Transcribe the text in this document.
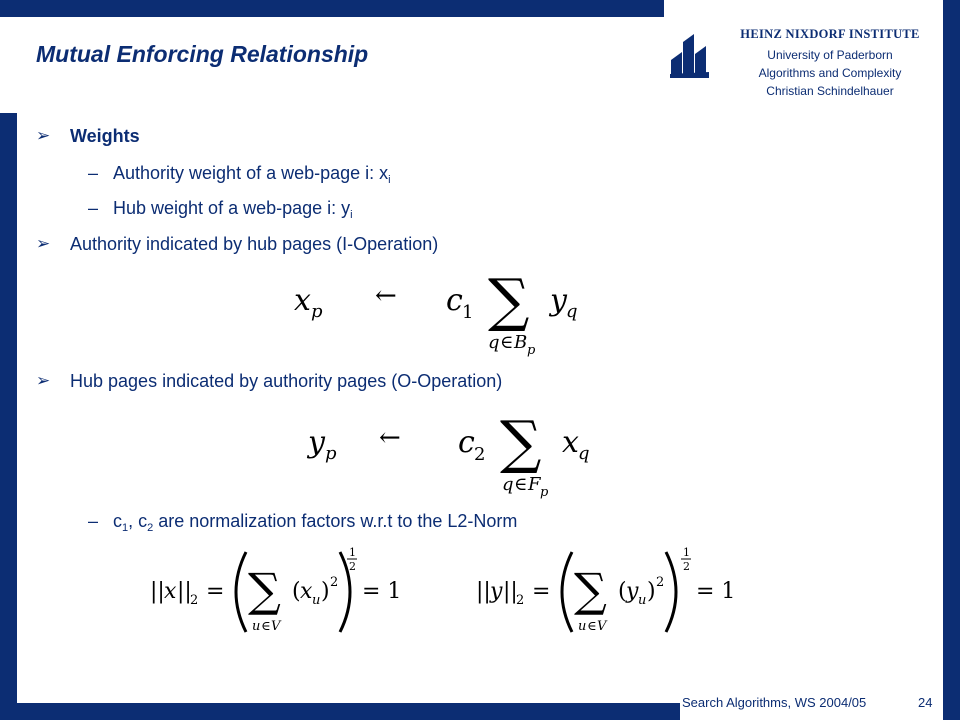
Mutual Enforcing Relationship
HEINZ NIXDORF INSTITUTE
University of Paderborn
Algorithms and Complexity
Christian Schindelhauer
➢ Weights
– Authority weight of a web-page i: $x_i$
– Hub weight of a web-page i: $y_i$
➢ Authority indicated by hub pages (I-Operation)
x p
← c 1 ∑ y q
q ∈ B p
➢ Hub pages indicated by authority pages (O-Operation)
y p
← c 2 ∑ x q
q ∈ F p
– $c_1$, $c_2$ are normalization factors w.r.t to the L2-Norm
|| x ||
2 = ∑ ( x u ) 2
1
2
= 1
u ∈ V
|| y ||
2 = ∑ ( y u ) 2
1
2
= 1
u ∈ V
Search Algorithms, WS 2004/05	24
